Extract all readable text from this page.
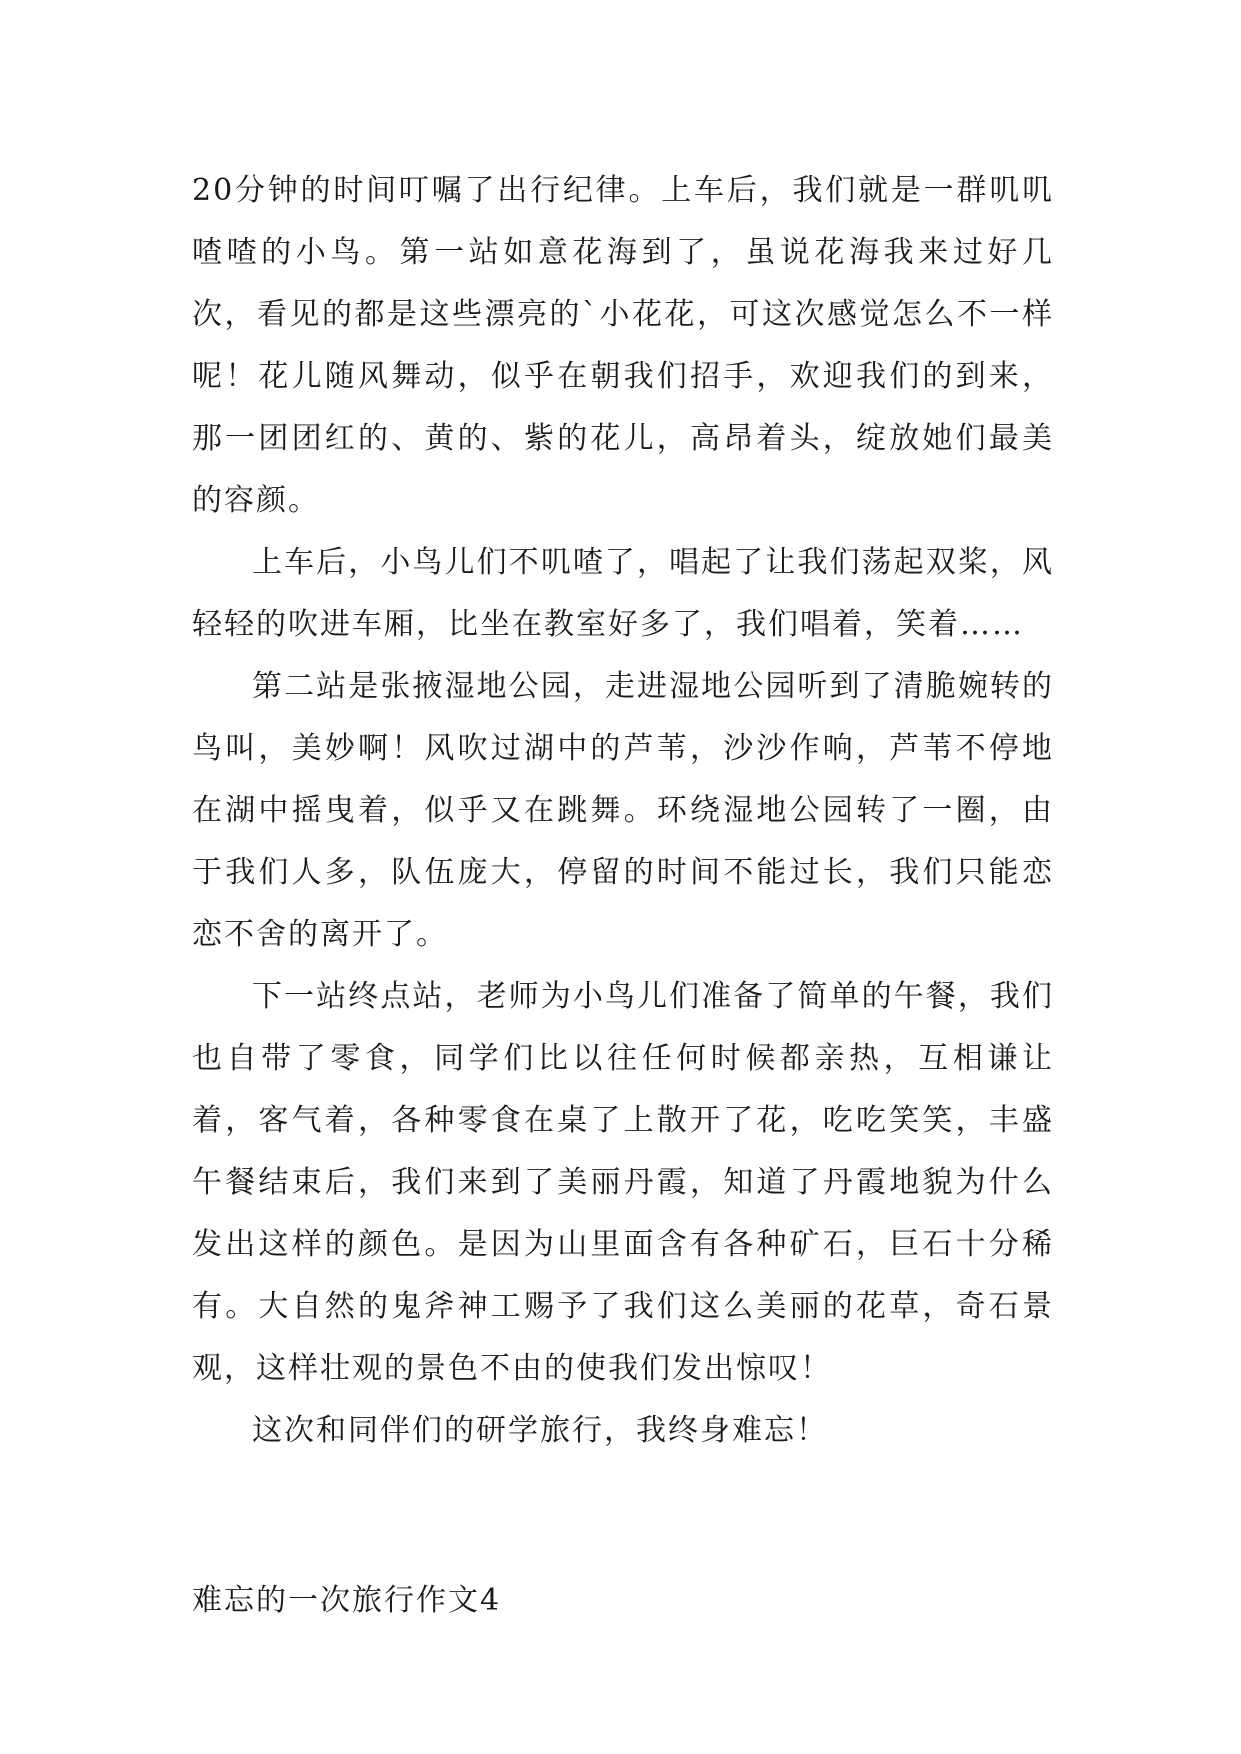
20分钟的时间叮嘱了出行纪律。上车后，我们就是一群叽叽喳喳的小鸟。第一站如意花海到了，虽说花海我来过好几次，看见的都是这些漂亮的`小花花，可这次感觉怎么不一样呢！花儿随风舞动，似乎在朝我们招手，欢迎我们的到来，那一团团红的、黄的、紫的花儿，高昂着头，绽放她们最美的容颜。

上车后，小鸟儿们不叽喳了，唱起了让我们荡起双桨，风轻轻的吹进车厢，比坐在教室好多了，我们唱着，笑着……

第二站是张掖湿地公园，走进湿地公园听到了清脆婉转的鸟叫，美妙啊！风吹过湖中的芦苇，沙沙作响，芦苇不停地在湖中摇曳着，似乎又在跳舞。环绕湿地公园转了一圈，由于我们人多，队伍庞大，停留的时间不能过长，我们只能恋恋不舍的离开了。

下一站终点站，老师为小鸟儿们准备了简单的午餐，我们也自带了零食，同学们比以往任何时候都亲热，互相谦让着，客气着，各种零食在桌了上散开了花，吃吃笑笑，丰盛午餐结束后，我们来到了美丽丹霞，知道了丹霞地貌为什么发出这样的颜色。是因为山里面含有各种矿石，巨石十分稀有。大自然的鬼斧神工赐予了我们这么美丽的花草，奇石景观，这样壮观的景色不由的使我们发出惊叹！

这次和同伴们的研学旅行，我终身难忘！

难忘的一次旅行作文4
